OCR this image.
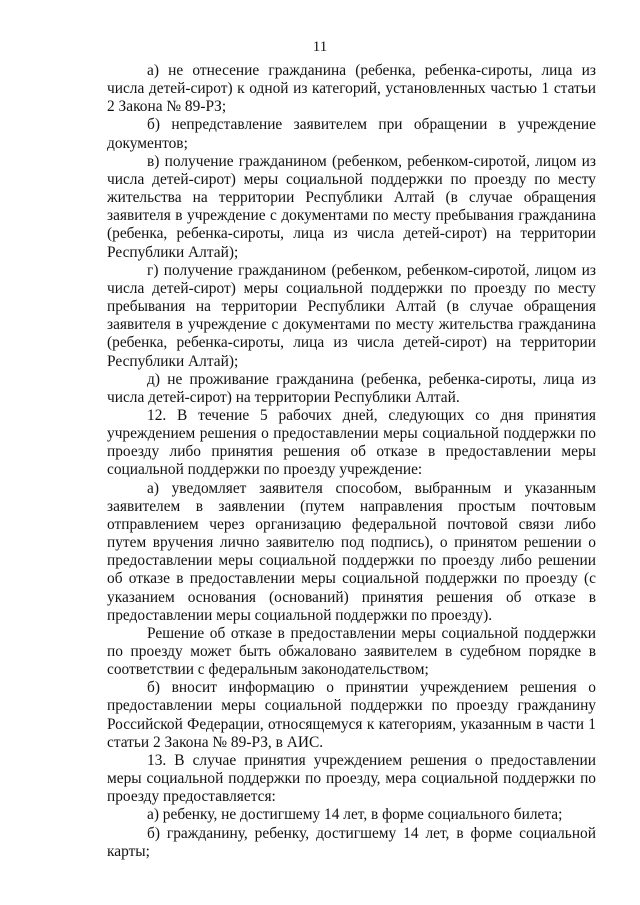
11

а) не отнесение гражданина (ребенка, ребенка-сироты, лица из числа детей-сирот) к одной из категорий, установленных частью 1 статьи 2 Закона № 89-РЗ;

б) непредставление заявителем при обращении в учреждение документов;

в) получение гражданином (ребенком, ребенком-сиротой, лицом из числа детей-сирот) меры социальной поддержки по проезду по месту жительства на территории Республики Алтай (в случае обращения заявителя в учреждение с документами по месту пребывания гражданина (ребенка, ребенка-сироты, лица из числа детей-сирот) на территории Республики Алтай);

г) получение гражданином (ребенком, ребенком-сиротой, лицом из числа детей-сирот) меры социальной поддержки по проезду по месту пребывания на территории Республики Алтай (в случае обращения заявителя в учреждение с документами по месту жительства гражданина (ребенка, ребенка-сироты, лица из числа детей-сирот) на территории Республики Алтай);

д) не проживание гражданина (ребенка, ребенка-сироты, лица из числа детей-сирот) на территории Республики Алтай.

12. В течение 5 рабочих дней, следующих со дня принятия учреждением решения о предоставлении меры социальной поддержки по проезду либо принятия решения об отказе в предоставлении меры социальной поддержки по проезду учреждение:

а) уведомляет заявителя способом, выбранным и указанным заявителем в заявлении (путем направления простым почтовым отправлением через организацию федеральной почтовой связи либо путем вручения лично заявителю под подпись), о принятом решении о предоставлении меры социальной поддержки по проезду либо решении об отказе в предоставлении меры социальной поддержки по проезду (с указанием основания (оснований) принятия решения об отказе в предоставлении меры социальной поддержки по проезду).

Решение об отказе в предоставлении меры социальной поддержки по проезду может быть обжаловано заявителем в судебном порядке в соответствии с федеральным законодательством;

б) вносит информацию о принятии учреждением решения о предоставлении меры социальной поддержки по проезду гражданину Российской Федерации, относящемуся к категориям, указанным в части 1 статьи 2 Закона № 89-РЗ, в АИС.

13. В случае принятия учреждением решения о предоставлении меры социальной поддержки по проезду, мера социальной поддержки по проезду предоставляется:

а) ребенку, не достигшему 14 лет, в форме социального билета;

б) гражданину, ребенку, достигшему 14 лет, в форме социальной карты;
